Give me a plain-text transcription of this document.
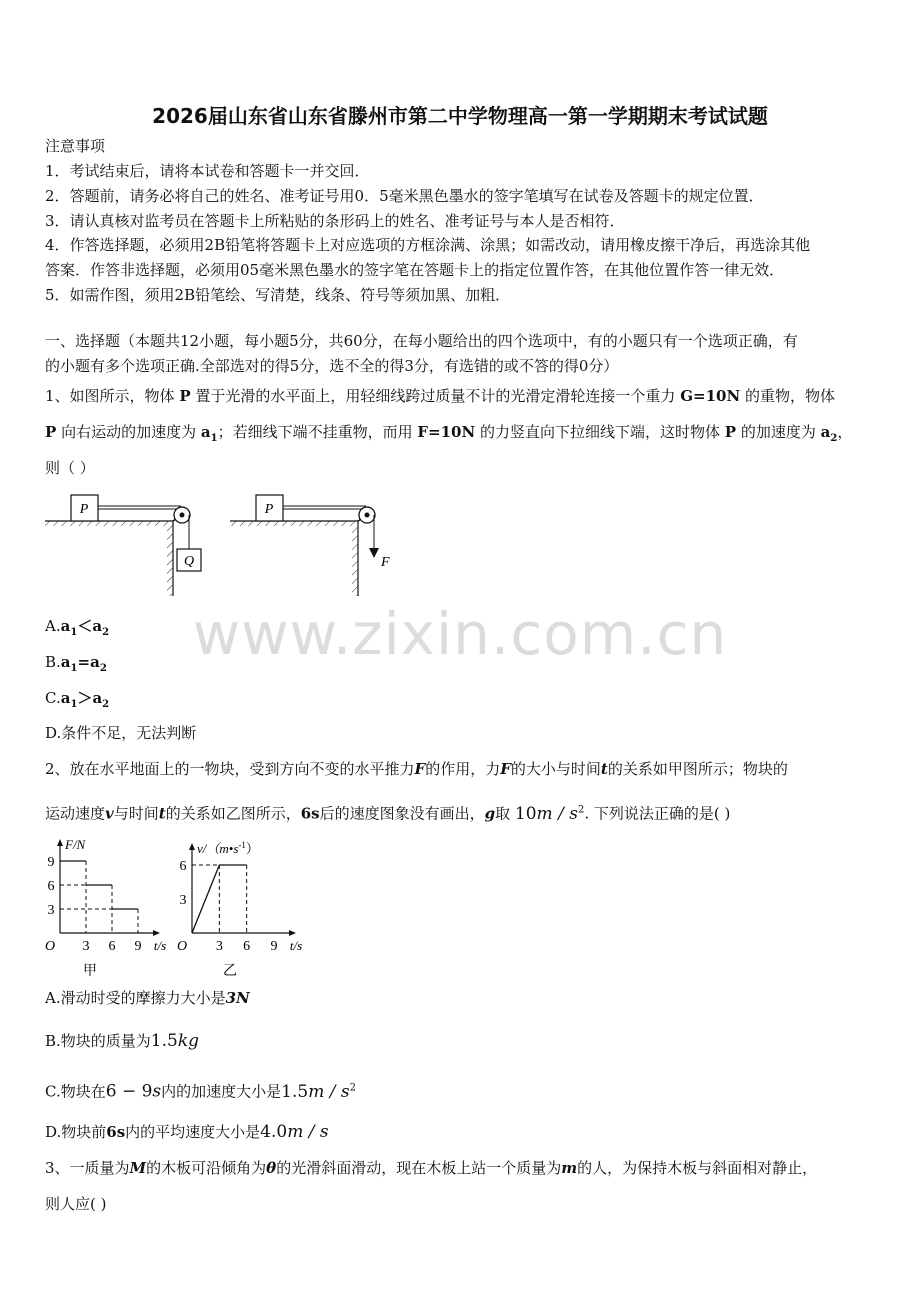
2026届山东省山东省滕州市第二中学物理高一第一学期期末考试试题
注意事项
1．考试结束后，请将本试卷和答题卡一并交回．
2．答题前，请务必将自己的姓名、准考证号用0．5毫米黑色墨水的签字笔填写在试卷及答题卡的规定位置．
3．请认真核对监考员在答题卡上所粘贴的条形码上的姓名、准考证号与本人是否相符．
4．作答选择题，必须用2B铅笔将答题卡上对应选项的方框涂满、涂黑；如需改动，请用橡皮擦干净后，再选涂其他
答案．作答非选择题，必须用05毫米黑色墨水的签字笔在答题卡上的指定位置作答，在其他位置作答一律无效．
5．如需作图，须用2B铅笔绘、写清楚，线条、符号等须加黑、加粗．
一、选择题（本题共12小题，每小题5分，共60分，在每小题给出的四个选项中，有的小题只有一个选项正确，有
的小题有多个选项正确.全部选对的得5分，选不全的得3分，有选错的或不答的得0分）
1、如图所示，物体 P 置于光滑的水平面上，用轻细线跨过质量不计的光滑定滑轮连接一个重力 G=10N 的重物，物体
P 向右运动的加速度为 $a_1$；若细线下端不挂重物，而用 F=10N 的力竖直向下拉细线下端，这时物体 P 的加速度为 $a_2$，
则（ ）
P
Q
P
F
$A.a_1<a_2$
$B.a_1=a_2$
$C.a_1>a_2$
D.条件不足，无法判断
www.zixin.com.cn
2、放在水平地面上的一物块，受到方向不变的水平推力F的作用，力F的大小与时间t的关系如甲图所示；物块的
运动速度v与时间t的关系如乙图所示，6s后的速度图象没有画出，g取 $10m / s^2$. 下列说法正确的是( )
O 3 6 9 t/s
3
6
9
F/N
甲
O 3 6 9 t/s
3
6
$v/(m•s^{-1})$
乙
A.滑动时受的摩擦力大小是3N
B.物块的质量为1.5kg
C.物块在6 − 9s内的加速度大小是$1.5m / s^2$
D.物块前6s内的平均速度大小是4.0m / s
3、一质量为M的木板可沿倾角为θ的光滑斜面滑动，现在木板上站一个质量为m的人，为保持木板与斜面相对静止，
则人应( )
